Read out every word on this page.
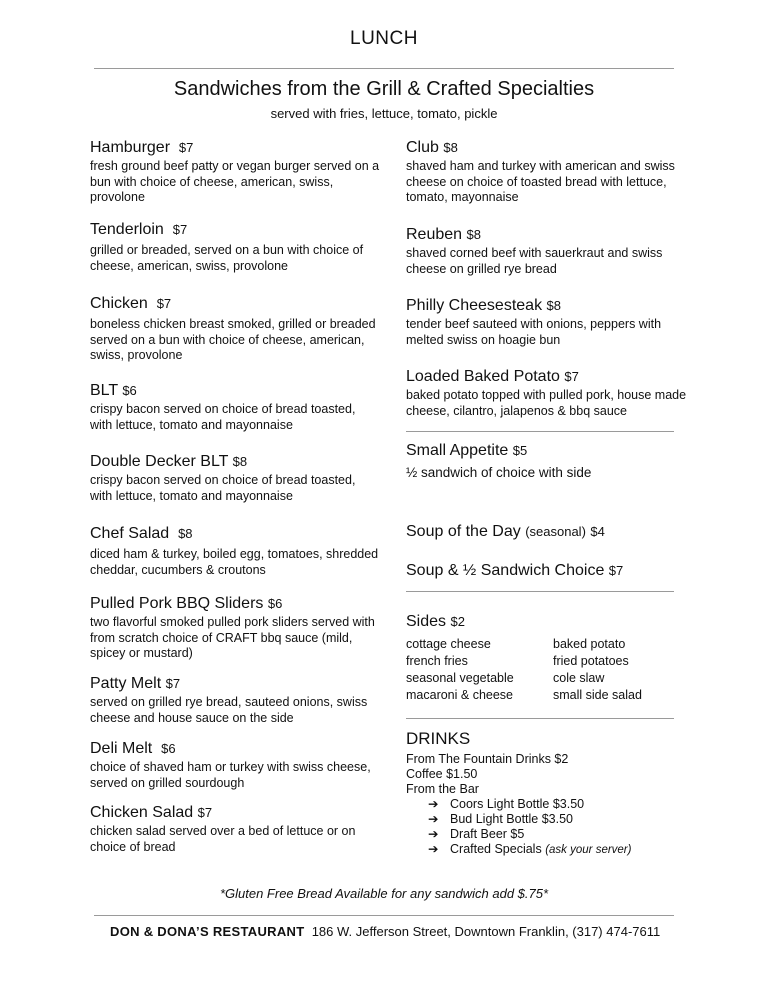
LUNCH
Sandwiches from the Grill & Crafted Specialties
served with fries, lettuce, tomato, pickle
Hamburger $7
fresh ground beef patty or vegan burger served on a bun with choice of cheese, american, swiss, provolone
Tenderloin $7
grilled or breaded, served on a bun with choice of cheese, american, swiss, provolone
Chicken $7
boneless chicken breast smoked, grilled or breaded served on a bun with choice of cheese, american, swiss, provolone
BLT $6
crispy bacon served on choice of bread toasted, with lettuce, tomato and mayonnaise
Double Decker BLT $8
crispy bacon served on choice of bread toasted, with lettuce, tomato and mayonnaise
Chef Salad $8
diced ham & turkey, boiled egg, tomatoes, shredded cheddar, cucumbers & croutons
Pulled Pork BBQ Sliders $6
two flavorful smoked pulled pork sliders served with from scratch choice of CRAFT bbq sauce (mild, spicey or mustard)
Patty Melt $7
served on grilled rye bread, sauteed onions, swiss cheese and house sauce on the side
Deli Melt $6
choice of shaved ham or turkey with swiss cheese, served on grilled sourdough
Chicken Salad $7
chicken salad served over a bed of lettuce or on choice of bread
Club $8
shaved ham and turkey with american and swiss cheese on choice of toasted bread with lettuce, tomato, mayonnaise
Reuben $8
shaved corned beef with sauerkraut and swiss cheese on grilled rye bread
Philly Cheesesteak $8
tender beef sauteed with onions, peppers with melted swiss on hoagie bun
Loaded Baked Potato $7
baked potato topped with pulled pork, house made cheese, cilantro, jalapenos & bbq sauce
Small Appetite $5
½ sandwich of choice with side
Soup of the Day (seasonal) $4
Soup & ½ Sandwich Choice $7
Sides $2
cottage cheese
french fries
seasonal vegetable
macaroni & cheese
baked potato
fried potatoes
cole slaw
small side salad
DRINKS
From The Fountain Drinks $2
Coffee $1.50
From the Bar
➔ Coors Light Bottle $3.50
➔ Bud Light Bottle $3.50
➔ Draft Beer $5
➔ Crafted Specials (ask your server)
*Gluten Free Bread Available for any sandwich add $.75*
DON & DONA’S RESTAURANT 186 W. Jefferson Street, Downtown Franklin, (317) 474-7611
